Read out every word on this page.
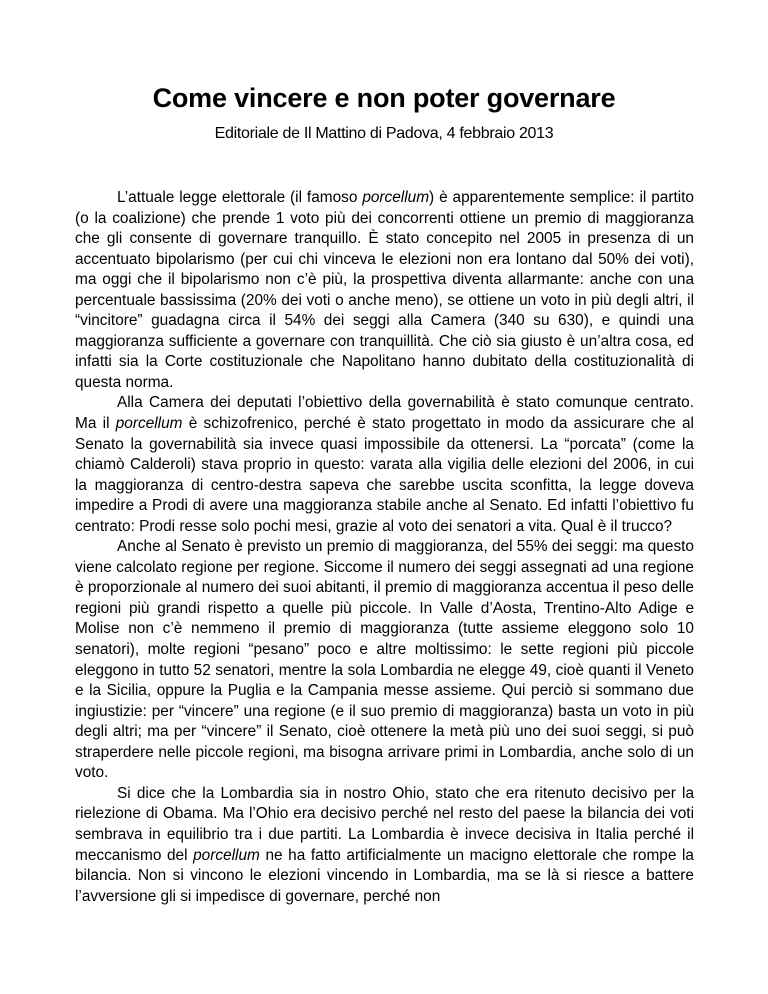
Come vincere e non poter governare
Editoriale de Il Mattino di Padova, 4 febbraio 2013

L’attuale legge elettorale (il famoso porcellum) è apparentemente semplice: il partito (o la coalizione) che prende 1 voto più dei concorrenti ottiene un premio di maggioranza che gli consente di governare tranquillo. È stato concepito nel 2005 in presenza di un accentuato bipolarismo (per cui chi vinceva le elezioni non era lontano dal 50% dei voti), ma oggi che il bipolarismo non c’è più, la prospettiva diventa allarmante: anche con una percentuale bassissima (20% dei voti o anche meno), se ottiene un voto in più degli altri, il “vincitore” guadagna circa il 54% dei seggi alla Camera (340 su 630), e quindi una maggioranza sufficiente a governare con tranquillità. Che ciò sia giusto è un’altra cosa, ed infatti sia la Corte costituzionale che Napolitano hanno dubitato della costituzionalità di questa norma.

Alla Camera dei deputati l’obiettivo della governabilità è stato comunque centrato. Ma il porcellum è schizofrenico, perché è stato progettato in modo da assicurare che al Senato la governabilità sia invece quasi impossibile da ottenersi. La “porcata” (come la chiamò Calderoli) stava proprio in questo: varata alla vigilia delle elezioni del 2006, in cui la maggioranza di centro-destra sapeva che sarebbe uscita sconfitta, la legge doveva impedire a Prodi di avere una maggioranza stabile anche al Senato. Ed infatti l’obiettivo fu centrato: Prodi resse solo pochi mesi, grazie al voto dei senatori a vita. Qual è il trucco?

Anche al Senato è previsto un premio di maggioranza, del 55% dei seggi: ma questo viene calcolato regione per regione. Siccome il numero dei seggi assegnati ad una regione è proporzionale al numero dei suoi abitanti, il premio di maggioranza accentua il peso delle regioni più grandi rispetto a quelle più piccole. In Valle d’Aosta, Trentino-Alto Adige e Molise non c’è nemmeno il premio di maggioranza (tutte assieme eleggono solo 10 senatori), molte regioni “pesano” poco e altre moltissimo: le sette regioni più piccole eleggono in tutto 52 senatori, mentre la sola Lombardia ne elegge 49, cioè quanti il Veneto e la Sicilia, oppure la Puglia e la Campania messe assieme. Qui perciò si sommano due ingiustizie: per “vincere” una regione (e il suo premio di maggioranza) basta un voto in più degli altri; ma per “vincere” il Senato, cioè ottenere la metà più uno dei suoi seggi, si può straperdere nelle piccole regioni, ma bisogna arrivare primi in Lombardia, anche solo di un voto.

Si dice che la Lombardia sia in nostro Ohio, stato che era ritenuto decisivo per la rielezione di Obama. Ma l’Ohio era decisivo perché nel resto del paese la bilancia dei voti sembrava in equilibrio tra i due partiti. La Lombardia è invece decisiva in Italia perché il meccanismo del porcellum ne ha fatto artificialmente un macigno elettorale che rompe la bilancia. Non si vincono le elezioni vincendo in Lombardia, ma se là si riesce a battere l’avversione gli si impedisce di governare, perché non
